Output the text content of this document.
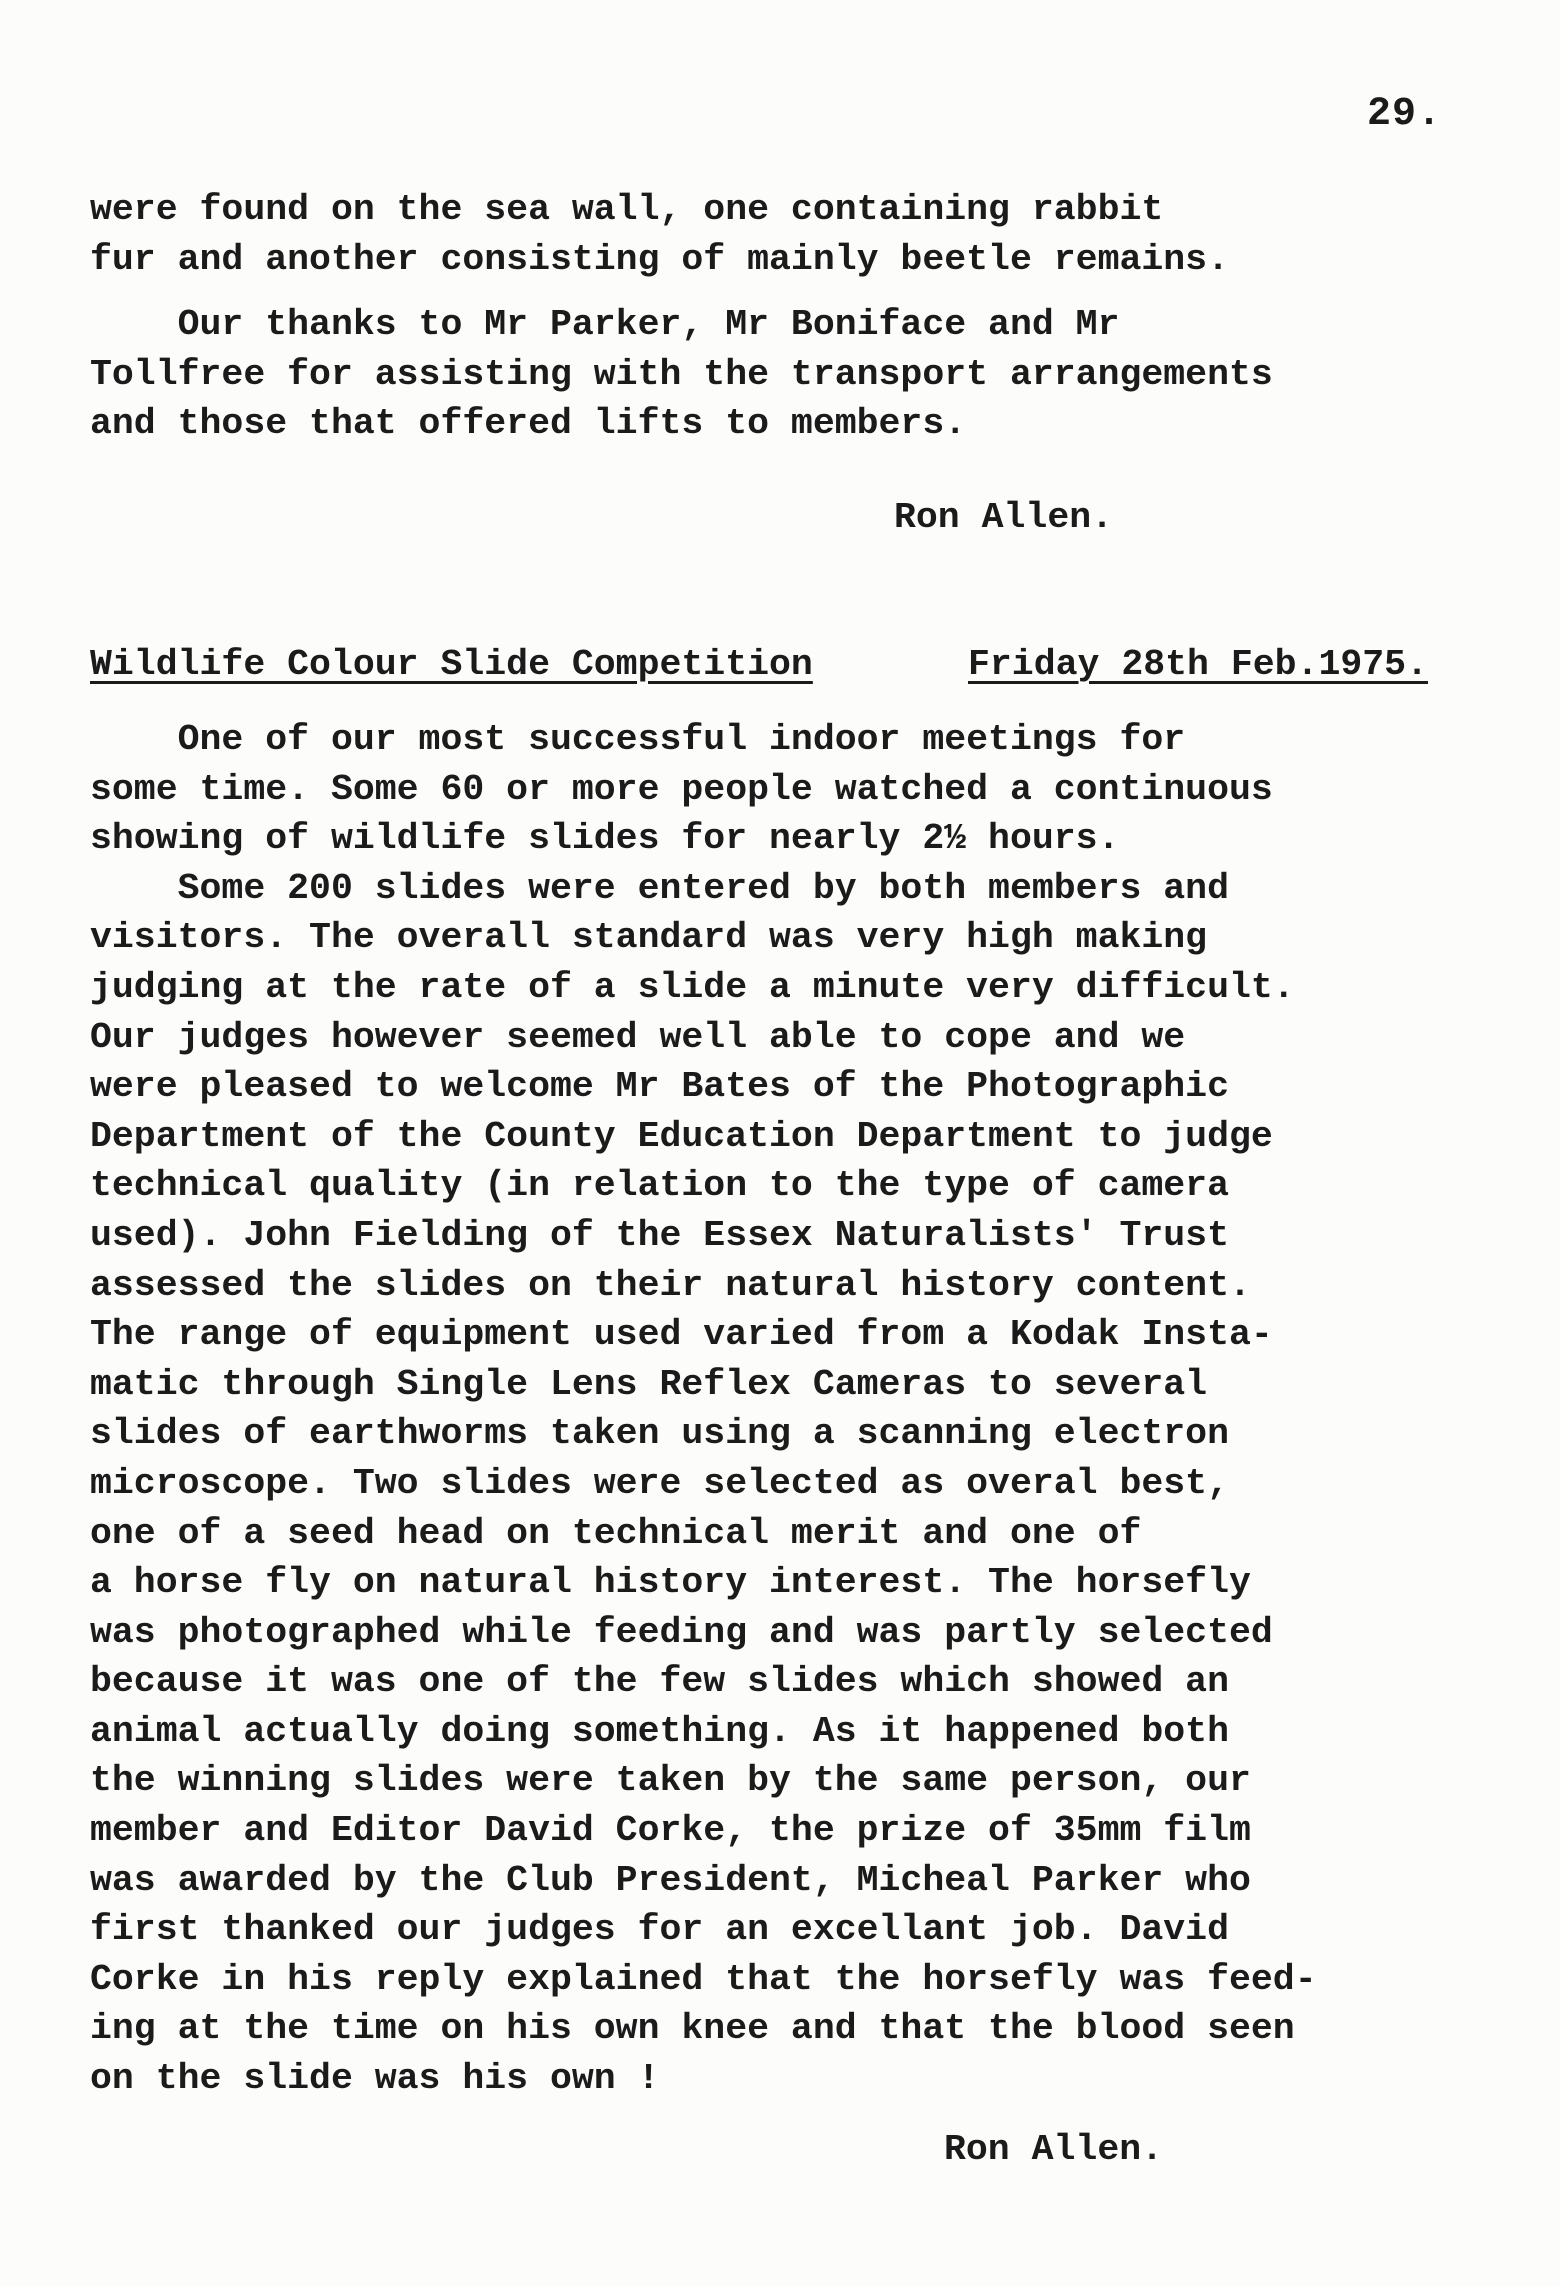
29.
were found on the sea wall, one containing rabbit
fur and another consisting of mainly beetle remains.
Our thanks to Mr Parker, Mr Boniface and Mr
Tollfree for assisting with the transport arrangements
and those that offered lifts to members.
Ron Allen.
Wildlife Colour Slide Competition	Friday 28th Feb.1975.
One of our most successful indoor meetings for
some time. Some 60 or more people watched a continuous
showing of wildlife slides for nearly 2½ hours.
Some 200 slides were entered by both members and
visitors. The overall standard was very high making
judging at the rate of a slide a minute very difficult.
Our judges however seemed well able to cope and we
were pleased to welcome Mr Bates of the Photographic
Department of the County Education Department to judge
technical quality (in relation to the type of camera
used). John Fielding of the Essex Naturalists' Trust
assessed the slides on their natural history content.
The range of equipment used varied from a Kodak Insta-
matic through Single Lens Reflex Cameras to several
slides of earthworms taken using a scanning electron
microscope. Two slides were selected as overal best,
one of a seed head on technical merit and one of
a horse fly on natural history interest. The horsefly
was photographed while feeding and was partly selected
because it was one of the few slides which showed an
animal actually doing something. As it happened both
the winning slides were taken by the same person, our
member and Editor David Corke, the prize of 35mm film
was awarded by the Club President, Micheal Parker who
first thanked our judges for an excellant job. David
Corke in his reply explained that the horsefly was feed-
ing at the time on his own knee and that the blood seen
on the slide was his own !
Ron Allen.
